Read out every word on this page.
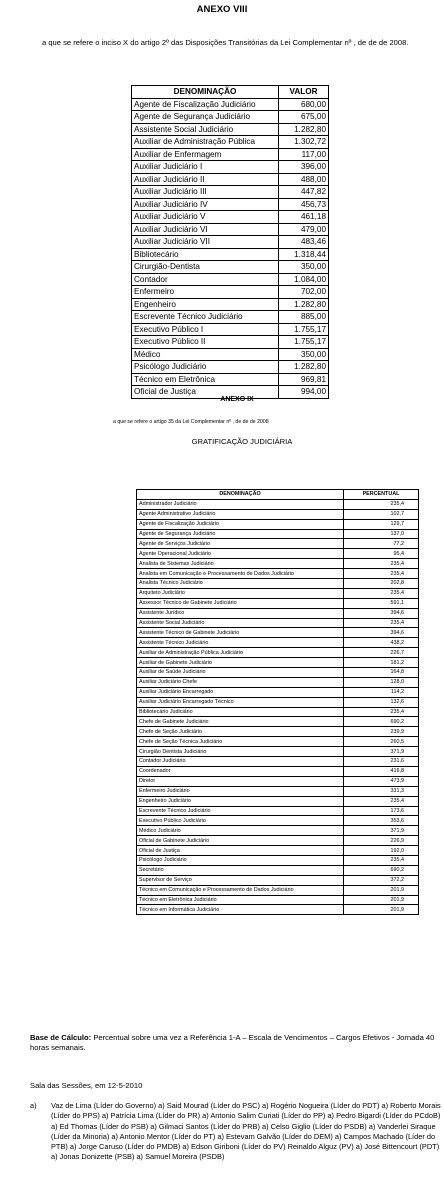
ANEXO VIII
a que se refere o inciso X do artigo 2º das Disposições Transitórias da Lei Complementar nº , de de de 2008.
DENOMINAÇÃO	VALOR
Agente de Fiscalização Judiciário	680,00
Agente de Segurança Judiciário	675,00
Assistente Social Judiciário	1.282,80
Auxiliar de Administração Pública	1.302,72
Auxiliar de Enfermagem	117,00
Auxiliar Judiciário I	396,00
Auxiliar Judiciário II	488,00
Auxiliar Judiciário III	447,82
Auxiliar Judiciário IV	456,73
Auxiliar Judiciário V	461,18
Auxiliar Judiciário VI	479,00
Auxiliar Judiciário VII	483,46
Bibliotecário	1.318,44
Cirurgião-Dentista	350,00
Contador	1.084,00
Enfermeiro	702,00
Engenheiro	1.282,80
Escrevente Técnico Judiciário	885,00
Executivo Público I	1.755,17
Executivo Público II	1.755,17
Médico	350,00
Psicólogo Judiciário	1.282,80
Técnico em Eletrônica	969,81
Oficial de Justiça	994,00
ANEXO IX
a que se refere o artigo 35 da Lei Complementar nº , de de de 2008
GRATIFICAÇÃO JUDICIÁRIA
DENOMINAÇÃO	PERCENTUAL
Administrador Judiciário	235,4
Agente Administrativo Judiciário	102,7
Agente de Fiscalização Judiciário	129,7
Agente de Segurança Judiciário	137,0
Agente de Serviços Judiciário	77,2
Agente Operacional Judiciário	95,4
Analista de Sistemas Judiciário	235,4
Analista em Comunicação e Processamento de Dados Judiciário	235,4
Analista Técnico Judiciário	202,8
Arquiteto Judiciário	235,4
Assessor Técnico de Gabinete Judiciário	591,1
Assistente Jurídico	394,6
Assistente Social Judiciário	235,4
Assistente Técnico de Gabinete Judiciário	394,6
Assistente Técnico Judiciário	438,2
Auxiliar de Administração Pública Judiciário	226,7
Auxiliar de Gabinete Judiciário	181,2
Auxiliar de Saúde Judiciário	164,8
Auxiliar Judiciário Chefe	128,0
Auxiliar Judiciário Encarregado	114,2
Auxiliar Judiciário Encarregado Técnico	132,6
Bibliotecário Judiciário	235,4
Chefe de Gabinete Judiciário	690,2
Chefe de Seção Judiciário	239,9
Chefe de Seção Técnica Judiciário	260,5
Cirurgião Dentista Judiciário	371,9
Contador Judiciário	231,6
Coordenador	416,8
Diretor	473,9
Enfermeiro Judiciário	331,3
Engenheiro Judiciário	235,4
Escrevente Técnico Judiciário	173,6
Executivo Público Judiciário	353,6
Médico Judiciário	371,9
Oficial de Gabinete Judiciário	226,9
Oficial de Justiça	192,0
Psicólogo Judiciário	235,4
Secretário	690,2
Supervisor de Serviço	372,2
Técnico em Comunicação e Processamento de Dados Judiciário	201,9
Técnico em Eletrônica Judiciário	201,9
Técnico em Informática Judiciário	201,9
Base de Cálculo: Percentual sobre uma vez a Referência 1-A – Escala de Vencimentos – Cargos Efetivos - Jornada 40 horas semanais.
Sala das Sessões, em 12-5-2010
a) Vaz de Lima (Líder do Governo) a) Said Mourad (Líder do PSC) a) Rogério Nogueira (Líder do PDT) a) Roberto Morais (Líder do PPS) a) Patrícia Lima (Líder do PR) a) Antonio Salim Curiati (Líder do PP) a) Pedro Bigardi (Líder do PCdoB) a) Ed Thomas (Líder do PSB) a) Gilmaci Santos (Líder do PRB) a) Celso Giglio (Líder do PSDB) a) Vanderlei Siraque (Líder da Minoria) a) Antonio Mentor (Líder do PT) a) Estevam Galvão (Líder do DEM) a) Campos Machado (Líder do PTB) a) Jorge Caruso (Líder do PMDB) a) Edson Giriboni (Líder do PV) Reinaldo Alguz (PV) a) José Bittencourt (PDT) a) Jonas Donizette (PSB) a) Samuel Moreira (PSDB)
